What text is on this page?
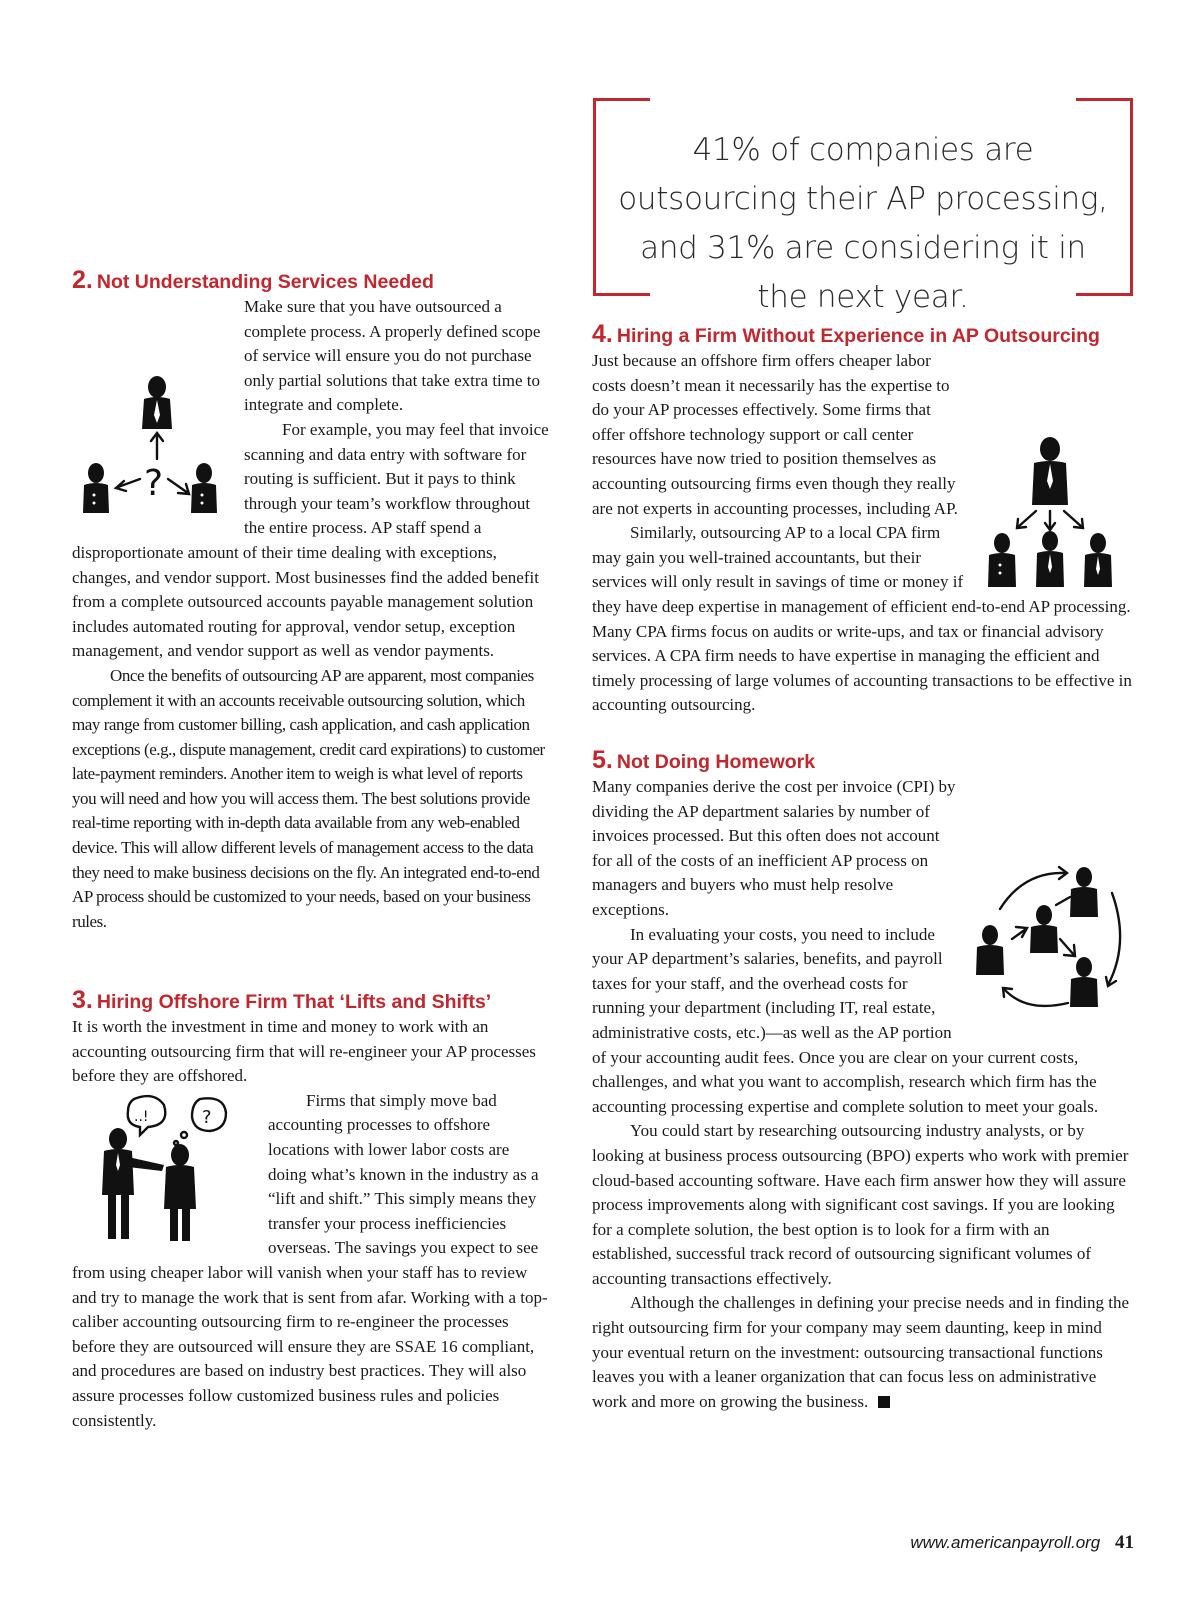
41% of companies are outsourcing their AP processing, and 31% are considering it in the next year.
2. Not Understanding Services Needed
?

Make sure that you have outsourced a complete process. A properly defined scope of service will ensure you do not purchase only partial solutions that take extra time to integrate and complete.

For example, you may feel that invoice scanning and data entry with software for routing is sufficient. But it pays to think through your team’s workflow throughout the entire process. AP staff spend a disproportionate amount of their time dealing with exceptions, changes, and vendor support. Most businesses find the added benefit from a complete outsourced accounts payable management solution includes automated routing for approval, vendor setup, exception management, and vendor support as well as vendor payments.

Once the benefits of outsourcing AP are apparent, most companies complement it with an accounts receivable outsourcing solution, which may range from customer billing, cash application, and cash application exceptions (e.g., dispute management, credit card expirations) to customer late-payment reminders. Another item to weigh is what level of reports you will need and how you will access them. The best solutions provide real-time reporting with in-depth data available from any web-enabled device. This will allow different levels of management access to the data they need to make business decisions on the fly. An integrated end-to-end AP process should be customized to your needs, based on your business rules.

3. Hiring Offshore Firm That ‘Lifts and Shifts’

It is worth the investment in time and money to work with an accounting outsourcing firm that will re-engineer your AP processes before they are offshored.

..!	?

Firms that simply move bad accounting processes to offshore locations with lower labor costs are doing what’s known in the industry as a “lift and shift.” This simply means they transfer your process inefficiencies overseas. The savings you expect to see from using cheaper labor will vanish when your staff has to review and try to manage the work that is sent from afar. Working with a top-caliber accounting outsourcing firm to re-engineer the processes before they are outsourced will ensure they are SSAE 16 compliant, and procedures are based on industry best practices. They will also assure processes follow customized business rules and policies consistently.

4. Hiring a Firm Without Experience in AP Outsourcing

Just because an offshore firm offers cheaper labor costs doesn’t mean it necessarily has the expertise to do your AP processes effectively. Some firms that offer offshore technology support or call center resources have now tried to position themselves as accounting outsourcing firms even though they really are not experts in accounting processes, including AP.

Similarly, outsourcing AP to a local CPA firm may gain you well-trained accountants, but their services will only result in savings of time or money if they have deep expertise in management of efficient end-to-end AP processing. Many CPA firms focus on audits or write-ups, and tax or financial advisory services. A CPA firm needs to have expertise in managing the efficient and timely processing of large volumes of accounting transactions to be effective in accounting outsourcing.

5. Not Doing Homework

Many companies derive the cost per invoice (CPI) by dividing the AP department salaries by number of invoices processed. But this often does not account for all of the costs of an inefficient AP process on managers and buyers who must help resolve exceptions.

In evaluating your costs, you need to include your AP department’s salaries, benefits, and payroll taxes for your staff, and the overhead costs for running your department (including IT, real estate, administrative costs, etc.)—as well as the AP portion of your accounting audit fees. Once you are clear on your current costs, challenges, and what you want to accomplish, research which firm has the accounting processing expertise and complete solution to meet your goals.

You could start by researching outsourcing industry analysts, or by looking at business process outsourcing (BPO) experts who work with premier cloud-based accounting software. Have each firm answer how they will assure process improvements along with significant cost savings. If you are looking for a complete solution, the best option is to look for a firm with an established, successful track record of outsourcing significant volumes of accounting transactions effectively.

Although the challenges in defining your precise needs and in finding the right outsourcing firm for your company may seem daunting, keep in mind your eventual return on the investment: outsourcing transactional functions leaves you with a leaner organization that can focus less on administrative work and more on growing the business.

www.americanpayroll.org 41
